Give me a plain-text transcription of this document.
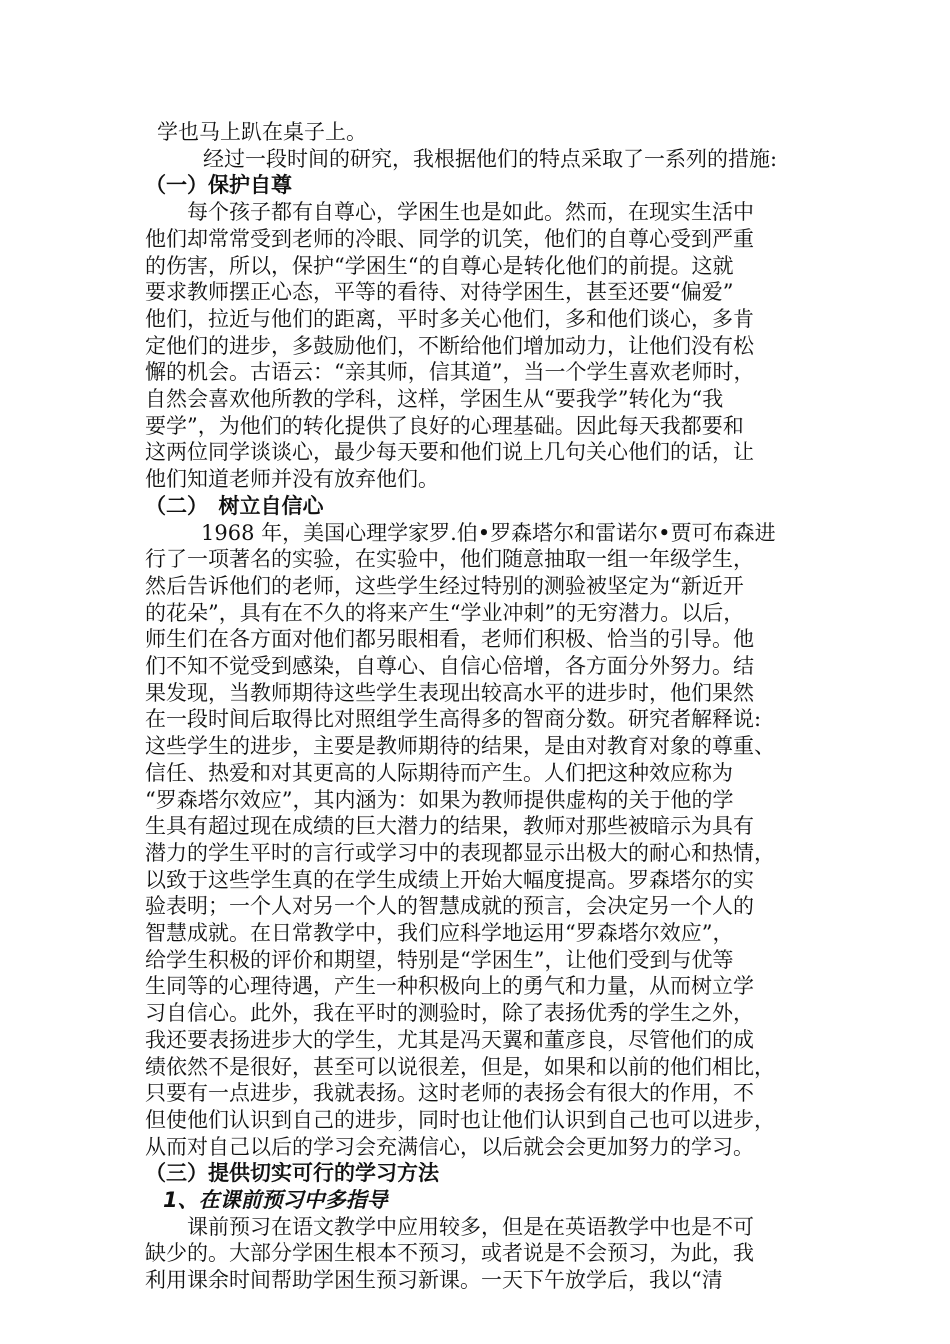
学也马上趴在桌子上。
经过一段时间的研究，我根据他们的特点采取了一系列的措施:
（一）保护自尊
每个孩子都有自尊心，学困生也是如此。然而，在现实生活中
他们却常常受到老师的冷眼、同学的讥笑，他们的自尊心受到严重
的伤害，所以，保护“学困生“的自尊心是转化他们的前提。这就
要求教师摆正心态，平等的看待、对待学困生，甚至还要“偏爱”
他们，拉近与他们的距离，平时多关心他们，多和他们谈心，多肯
定他们的进步，多鼓励他们，不断给他们增加动力，让他们没有松
懈的机会。古语云：“亲其师，信其道”，当一个学生喜欢老师时，
自然会喜欢他所教的学科，这样，学困生从“要我学”转化为“我
要学”，为他们的转化提供了良好的心理基础。因此每天我都要和
这两位同学谈谈心，最少每天要和他们说上几句关心他们的话，让
他们知道老师并没有放弃他们。
（二）　树立自信心
1968 年，美国心理学家罗.伯•罗森塔尔和雷诺尔•贾可布森进
行了一项著名的实验，在实验中，他们随意抽取一组一年级学生，
然后告诉他们的老师，这些学生经过特别的测验被坚定为“新近开
的花朵”，具有在不久的将来产生“学业冲刺”的无穷潜力。以后，
师生们在各方面对他们都另眼相看，老师们积极、恰当的引导。他
们不知不觉受到感染，自尊心、自信心倍增，各方面分外努力。结
果发现，当教师期待这些学生表现出较高水平的进步时，他们果然
在一段时间后取得比对照组学生高得多的智商分数。研究者解释说:
这些学生的进步，主要是教师期待的结果，是由对教育对象的尊重、
信任、热爱和对其更高的人际期待而产生。人们把这种效应称为
“罗森塔尔效应”，其内涵为：如果为教师提供虚构的关于他的学
生具有超过现在成绩的巨大潜力的结果，教师对那些被暗示为具有
潜力的学生平时的言行或学习中的表现都显示出极大的耐心和热情，
以致于这些学生真的在学生成绩上开始大幅度提高。罗森塔尔的实
验表明；一个人对另一个人的智慧成就的预言，会决定另一个人的
智慧成就。在日常教学中，我们应科学地运用“罗森塔尔效应”，
给学生积极的评价和期望，特别是“学困生”，让他们受到与优等
生同等的心理待遇，产生一种积极向上的勇气和力量，从而树立学
习自信心。此外，我在平时的测验时，除了表扬优秀的学生之外，
我还要表扬进步大的学生，尤其是冯天翼和董彦良，尽管他们的成
绩依然不是很好，甚至可以说很差，但是，如果和以前的他们相比，
只要有一点进步，我就表扬。这时老师的表扬会有很大的作用，不
但使他们认识到自己的进步，同时也让他们认识到自己也可以进步，
从而对自己以后的学习会充满信心，以后就会会更加努力的学习。
（三）提供切实可行的学习方法
1、在课前预习中多指导
课前预习在语文教学中应用较多，但是在英语教学中也是不可
缺少的。大部分学困生根本不预习，或者说是不会预习，为此，我
利用课余时间帮助学困生预习新课。一天下午放学后，我以“清
